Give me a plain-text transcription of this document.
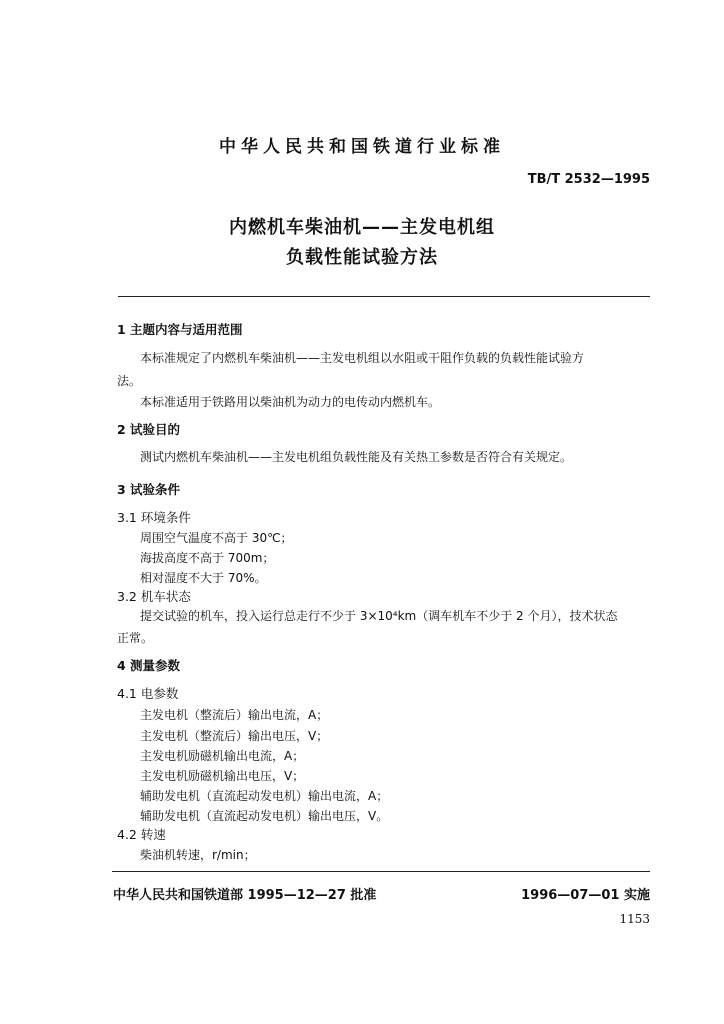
中华人民共和国铁道行业标准
TB/T 2532—1995
内燃机车柴油机——主发电机组
负载性能试验方法
1 主题内容与适用范围
本标准规定了内燃机车柴油机——主发电机组以水阻或干阻作负载的负载性能试验方
法。
本标准适用于铁路用以柴油机为动力的电传动内燃机车。
2 试验目的
测试内燃机车柴油机——主发电机组负载性能及有关热工参数是否符合有关规定。
3 试验条件
3.1 环境条件
周围空气温度不高于 30℃；
海拔高度不高于 700m；
相对湿度不大于 70%。
3.2 机车状态
提交试验的机车，投入运行总走行不少于 3×10⁴km（调车机车不少于 2 个月），技术状态
正常。
4 测量参数
4.1 电参数
主发电机（整流后）输出电流，A；
主发电机（整流后）输出电压，V；
主发电机励磁机输出电流，A；
主发电机励磁机输出电压，V；
辅助发电机（直流起动发电机）输出电流，A；
辅助发电机（直流起动发电机）输出电压，V。
4.2 转速
柴油机转速，r/min；
中华人民共和国铁道部 1995—12—27 批准	1996—07—01 实施
1153
